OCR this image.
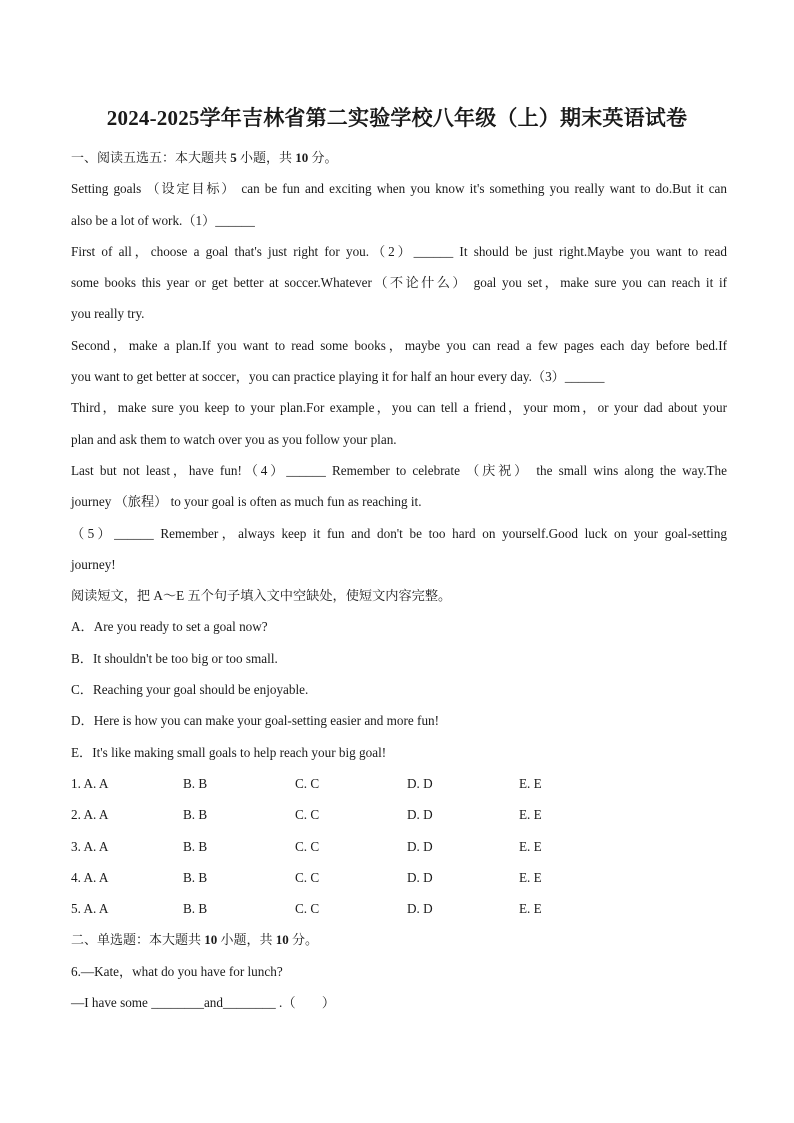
2024-2025学年吉林省第二实验学校八年级（上）期末英语试卷
一、阅读五选五：本大题共 5 小题，共 10 分。
Setting goals （设定目标） can be fun and exciting when you know it's something you really want to do.But it can
also be a lot of work.（1）______
First of all，choose a goal that's just right for you.（2）______ It should be just right.Maybe you want to read
some books this year or get better at soccer.Whatever（不论什么） goal you set，make sure you can reach it if
you really try.
Second，make a plan.If you want to read some books，maybe you can read a few pages each day before bed.If
you want to get better at soccer，you can practice playing it for half an hour every day.（3）______
Third，make sure you keep to your plan.For example，you can tell a friend，your mom，or your dad about your
plan and ask them to watch over you as you follow your plan.
Last but not least，have fun!（4）______ Remember to celebrate （庆祝） the small wins along the way.The
journey （旅程） to your goal is often as much fun as reaching it.
（5）______ Remember，always keep it fun and don't be too hard on yourself.Good luck on your goal-setting
journey!
阅读短文，把 A～E 五个句子填入文中空缺处，使短文内容完整。
A．Are you ready to set a goal now?
B．It shouldn't be too big or too small.
C．Reaching your goal should be enjoyable.
D．Here is how you can make your goal-setting easier and more fun!
E．It's like making small goals to help reach your big goal!
1. A. A	B. B	C. C	D. D	E. E
2. A. A	B. B	C. C	D. D	E. E
3. A. A	B. B	C. C	D. D	E. E
4. A. A	B. B	C. C	D. D	E. E
5. A. A	B. B	C. C	D. D	E. E
二、单选题：本大题共 10 小题，共 10 分。
6.—Kate，what do you have for lunch?
—I have some ________and________ .（　　）
